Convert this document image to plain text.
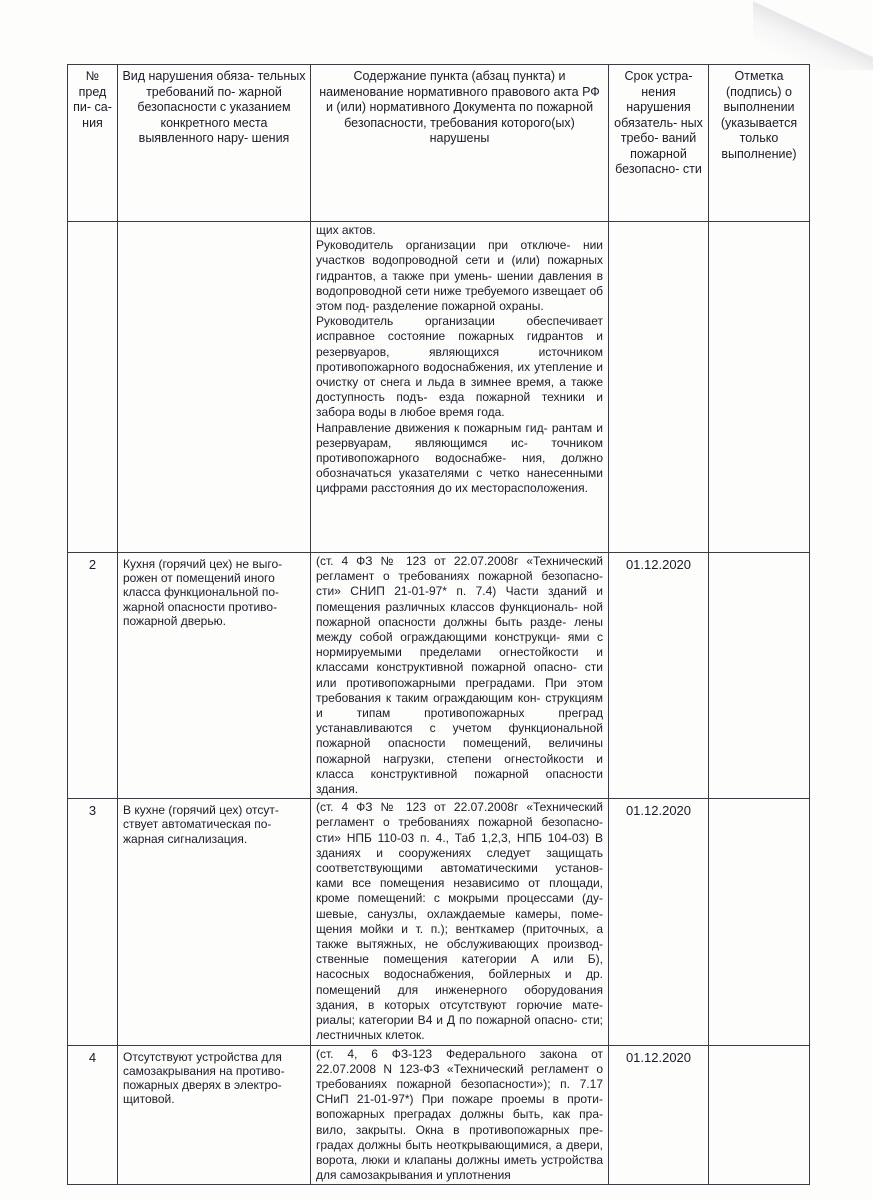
№ пред пи- са- ния	Вид нарушения обяза- тельных требований по- жарной безопасности с указанием конкретного места выявленного нару- шения	Содержание пункта (абзац пункта) и наименование нормативного правового акта РФ и (или) нормативного Документа по пожарной безопасности, требования которого(ых) нарушены	Срок устра- нения нарушения обязатель- ных требо- ваний пожарной безопасно- сти	Отметка (подпись) о выполнении (указывается только выполнение)

		щих актов.

Руководитель организации при отключе- нии участков водопроводной сети и (или) пожарных гидрантов, а также при умень- шении давления в водопроводной сети ниже требуемого извещает об этом под- разделение пожарной охраны.

Руководитель организации обеспечивает исправное состояние пожарных гидрантов и резервуаров, являющихся источником противопожарного водоснабжения, их утепление и очистку от снега и льда в зимнее время, а также доступность подъ- езда пожарной техники и забора воды в любое время года.

Направление движения к пожарным гид- рантам и резервуарам, являющимся ис- точником противопожарного водоснабже- ния, должно обозначаться указателями с четко нанесенными цифрами расстояния до их месторасположения.		

2	Кухня (горячий цех) не выго- рожен от помещений иного класса функциональной по- жарной опасности противо- пожарной дверью.	(ст. 4 ФЗ № 123 от 22.07.2008г «Технический регламент о требованиях пожарной безопасно- сти» СНИП 21-01-97* п. 7.4) Части зданий и помещения различных классов функциональ- ной пожарной опасности должны быть разде- лены между собой ограждающими конструкци- ями с нормируемыми пределами огнестойкости и классами конструктивной пожарной опасно- сти или противопожарными преградами. При этом требования к таким ограждающим кон- струкциям и типам противопожарных преград устанавливаются с учетом функциональной пожарной опасности помещений, величины пожарной нагрузки, степени огнестойкости и класса конструктивной пожарной опасности здания.	01.12.2020	
3	В кухне (горячий цех) отсут- ствует автоматическая по- жарная сигнализация.	(ст. 4 ФЗ № 123 от 22.07.2008г «Технический регламент о требованиях пожарной безопасно- сти» НПБ 110-03 п. 4., Таб 1,2,3, НПБ 104-03) В зданиях и сооружениях следует защищать соответствующими автоматическими установ- ками все помещения независимо от площади, кроме помещений: с мокрыми процессами (ду- шевые, санузлы, охлаждаемые камеры, поме- щения мойки и т. п.); венткамер (приточных, а также вытяжных, не обслуживающих производ- ственные помещения категории А или Б), насосных водоснабжения, бойлерных и др. помещений для инженерного оборудования здания, в которых отсутствуют горючие мате- риалы; категории В4 и Д по пожарной опасно- сти; лестничных клеток.	01.12.2020	
4	Отсутствуют устройства для самозакрывания на противо- пожарных дверях в электро- щитовой.	(ст. 4, 6 ФЗ-123 Федерального закона от 22.07.2008 N 123-ФЗ «Технический регламент о требованиях пожарной безопасности»); п. 7.17 СНиП 21-01-97*) При пожаре проемы в проти- вопожарных преградах должны быть, как пра- вило, закрыты. Окна в противопожарных пре- градах должны быть неоткрывающимися, а двери, ворота, люки и клапаны должны иметь устройства для самозакрывания и уплотнения	01.12.2020	
